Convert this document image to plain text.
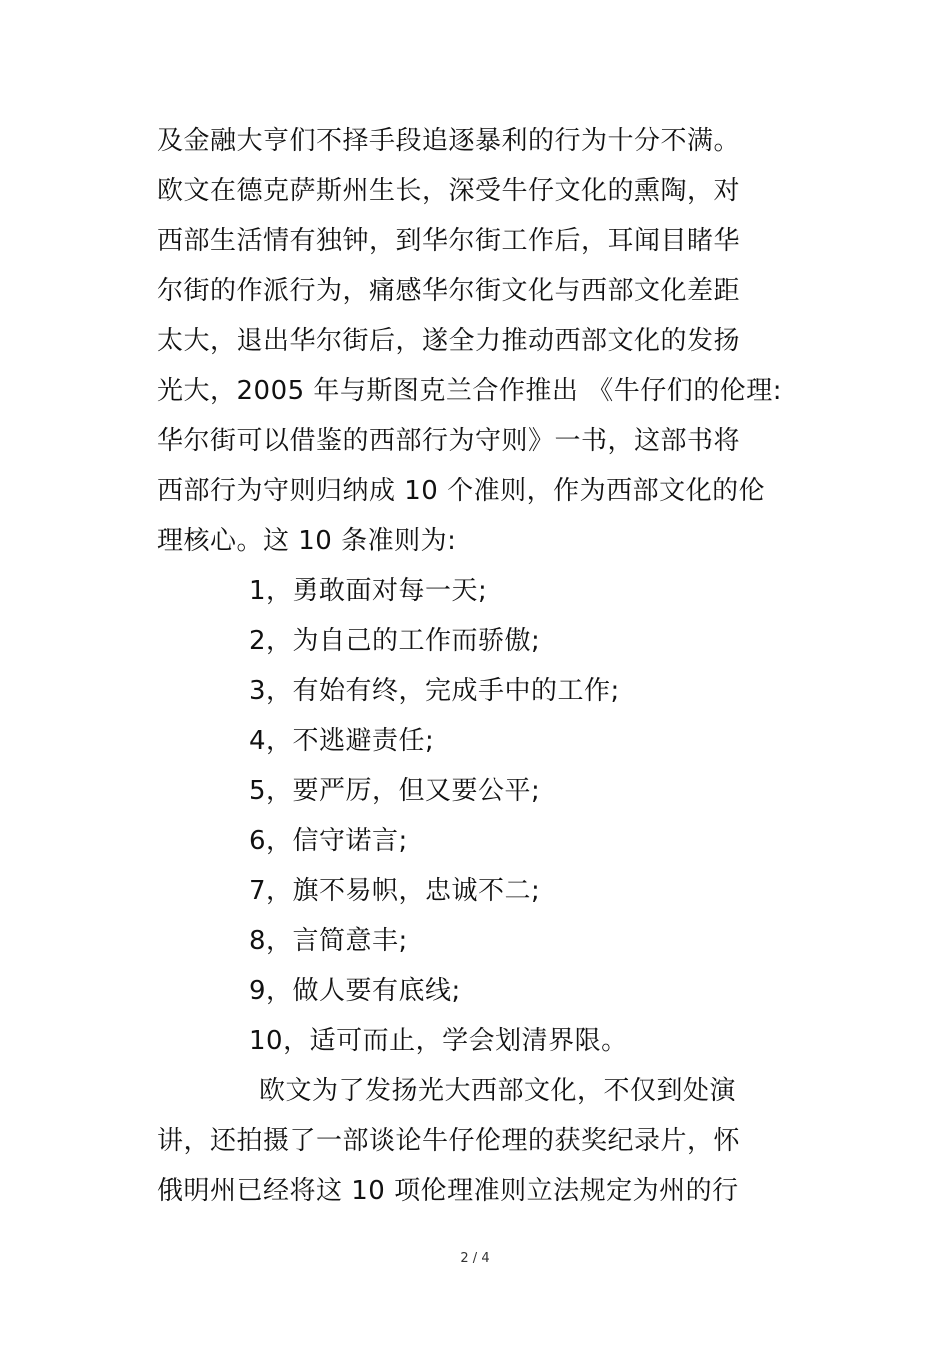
及金融大亨们不择手段追逐暴利的行为十分不满。
欧文在德克萨斯州生长，深受牛仔文化的熏陶，对
西部生活情有独钟，到华尔街工作后，耳闻目睹华
尔街的作派行为，痛感华尔街文化与西部文化差距
太大，退出华尔街后，遂全力推动西部文化的发扬
光大，2005 年与斯图克兰合作推出 《牛仔们的伦理:
华尔街可以借鉴的西部行为守则》一书，这部书将
西部行为守则归纳成 10 个准则，作为西部文化的伦
理核心。这 10 条准则为:
1，勇敢面对每一天;
2，为自己的工作而骄傲;
3，有始有终，完成手中的工作;
4，不逃避责任;
5，要严厉，但又要公平;
6，信守诺言;
7，旗不易帜，忠诚不二;
8，言简意丰;
9，做人要有底线;
10，适可而止，学会划清界限。
欧文为了发扬光大西部文化，不仅到处演
讲，还拍摄了一部谈论牛仔伦理的获奖纪录片，怀
俄明州已经将这 10 项伦理准则立法规定为州的行
2 / 4
